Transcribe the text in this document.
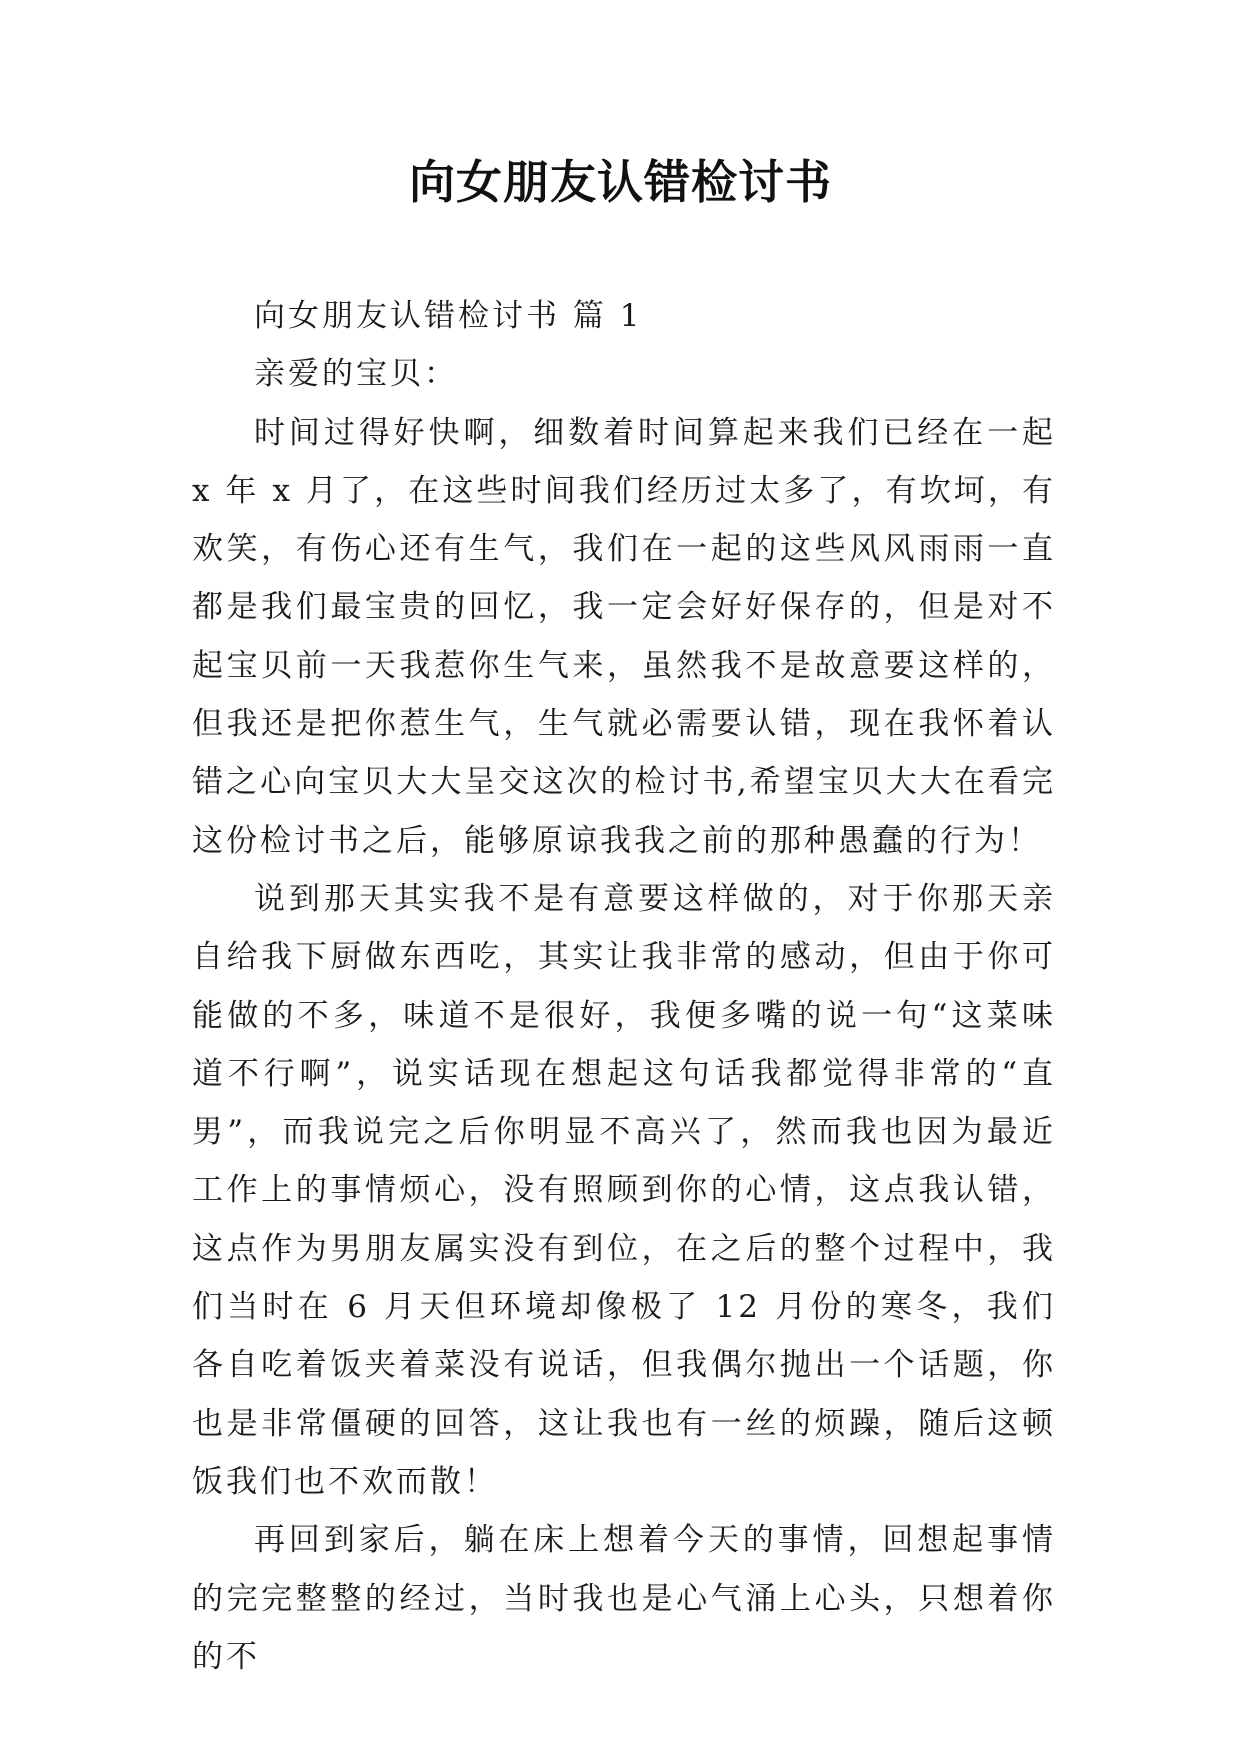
向女朋友认错检讨书

向女朋友认错检讨书 篇 1

亲爱的宝贝：

时间过得好快啊，细数着时间算起来我们已经在一起 x 年 x 月了，在这些时间我们经历过太多了，有坎坷，有欢笑，有伤心还有生气，我们在一起的这些风风雨雨一直都是我们最宝贵的回忆，我一定会好好保存的，但是对不起宝贝前一天我惹你生气来，虽然我不是故意要这样的，但我还是把你惹生气，生气就必需要认错，现在我怀着认错之心向宝贝大大呈交这次的检讨书,希望宝贝大大在看完这份检讨书之后，能够原谅我我之前的那种愚蠢的行为！

说到那天其实我不是有意要这样做的，对于你那天亲自给我下厨做东西吃，其实让我非常的感动，但由于你可能做的不多，味道不是很好，我便多嘴的说一句“这菜味道不行啊”，说实话现在想起这句话我都觉得非常的“直男”，而我说完之后你明显不高兴了，然而我也因为最近工作上的事情烦心，没有照顾到你的心情，这点我认错，这点作为男朋友属实没有到位，在之后的整个过程中，我们当时在 6 月天但环境却像极了 12 月份的寒冬，我们各自吃着饭夹着菜没有说话，但我偶尔抛出一个话题，你也是非常僵硬的回答，这让我也有一丝的烦躁，随后这顿饭我们也不欢而散！

再回到家后，躺在床上想着今天的事情，回想起事情的完完整整的经过，当时我也是心气涌上心头，只想着你的不
